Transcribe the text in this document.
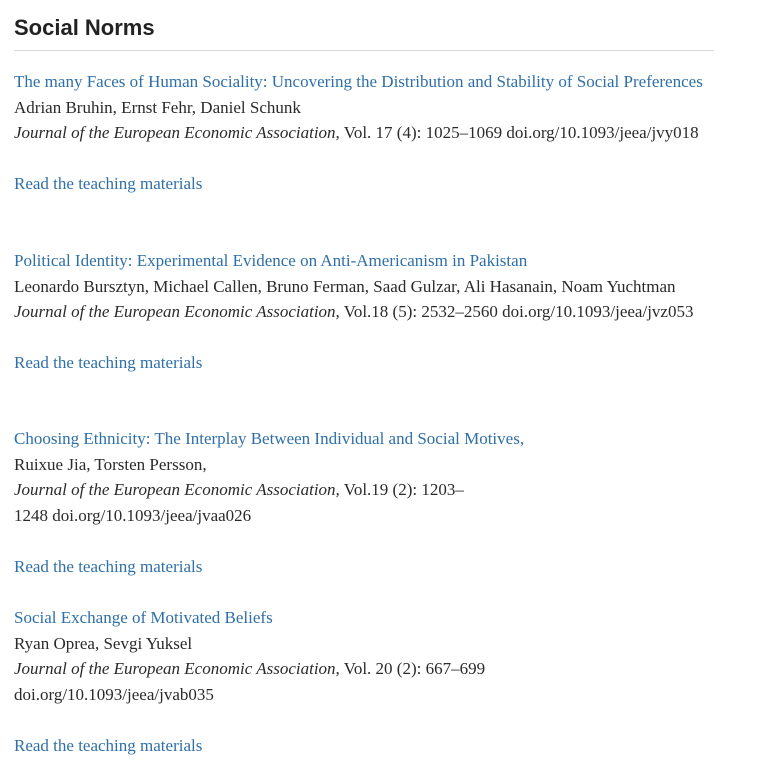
Social Norms
The many Faces of Human Sociality: Uncovering the Distribution and Stability of Social Preferences
Adrian Bruhin, Ernst Fehr, Daniel Schunk
Journal of the European Economic Association, Vol. 17 (4): 1025–1069 doi.org/10.1093/jeea/jvy018
Read the teaching materials
Political Identity: Experimental Evidence on Anti-Americanism in Pakistan
Leonardo Bursztyn, Michael Callen, Bruno Ferman, Saad Gulzar, Ali Hasanain, Noam Yuchtman
Journal of the European Economic Association, Vol.18 (5): 2532–2560 doi.org/10.1093/jeea/jvz053
Read the teaching materials
Choosing Ethnicity: The Interplay Between Individual and Social Motives,
Ruixue Jia, Torsten Persson,
Journal of the European Economic Association, Vol.19 (2): 1203–1248 doi.org/10.1093/jeea/jvaa026
Read the teaching materials
Social Exchange of Motivated Beliefs
Ryan Oprea, Sevgi Yuksel
Journal of the European Economic Association, Vol. 20 (2): 667–699 doi.org/10.1093/jeea/jvab035
Read the teaching materials
